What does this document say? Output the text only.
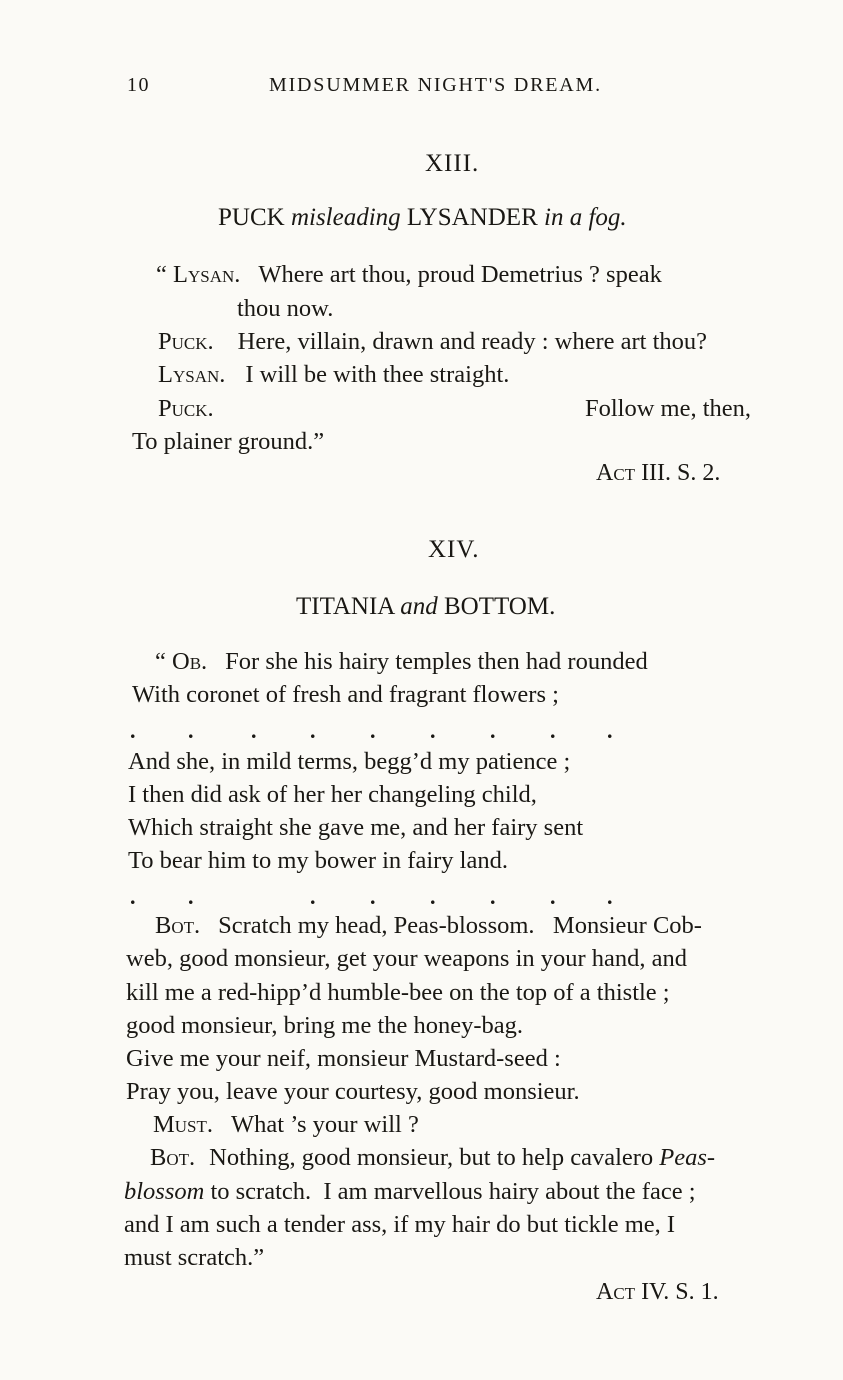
10	MIDSUMMER NIGHT'S DREAM.
XIII.
PUCK misleading LYSANDER in a fog.
“ Lysan. Where art thou, proud Demetrius ? speak
thou now.
Puck. Here, villain, drawn and ready : where art thou?
Lysan. I will be with thee straight.
Puck.	Follow me, then,
To plainer ground.”
Act III. S. 2.
XIV.
TITANIA and BOTTOM.
“ Ob. For she his hairy temples then had rounded
With coronet of fresh and fragrant flowers ;
. .	. . . . . . .
And she, in mild terms, begg’d my patience ;
I then did ask of her her changeling child,
Which straight she gave me, and her fairy sent
To bear him to my bower in fairy land.
. .	. . . . . .
Bot. Scratch my head, Peas-blossom.   Monsieur Cob-
web, good monsieur, get your weapons in your hand, and
kill me a red-hipp’d humble-bee on the top of a thistle ;
good monsieur, bring me the honey-bag.
Give me your neif, monsieur Mustard-seed :
Pray you, leave your courtesy, good monsieur.
Must. What ’s your will ?
Bot. Nothing, good monsieur, but to help cavalero Peas-
blossom to scratch.  I am marvellous hairy about the face ;
and I am such a tender ass, if my hair do but tickle me, I
must scratch.”
Act IV. S. 1.
